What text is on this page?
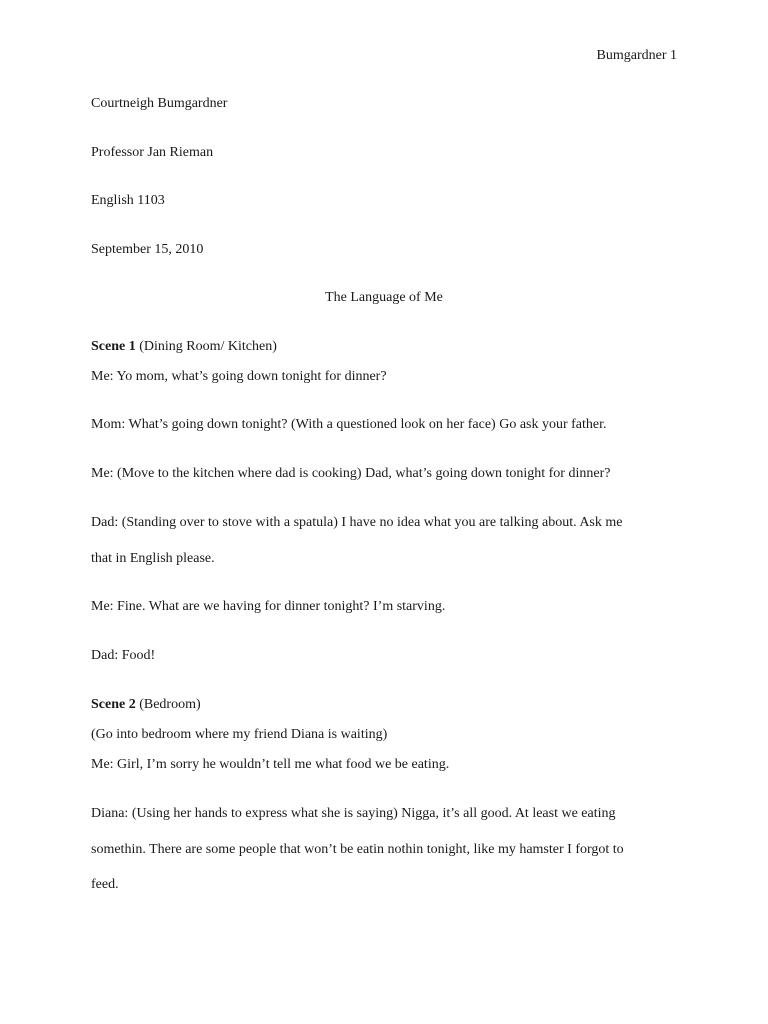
Bumgardner 1
Courtneigh Bumgardner
Professor Jan Rieman
English 1103
September 15, 2010
The Language of Me
Scene 1 (Dining Room/ Kitchen)
Me: Yo mom, what’s going down tonight for dinner?
Mom: What’s going down tonight? (With a questioned look on her face) Go ask your father.
Me: (Move to the kitchen where dad is cooking) Dad, what’s going down tonight for dinner?
Dad: (Standing over to stove with a spatula) I have no idea what you are talking about. Ask me
that in English please.
Me: Fine. What are we having for dinner tonight? I’m starving.
Dad: Food!
Scene 2 (Bedroom)
(Go into bedroom where my friend Diana is waiting)
Me: Girl, I’m sorry he wouldn’t tell me what food we be eating.
Diana: (Using her hands to express what she is saying) Nigga, it’s all good. At least we eating
somethin. There are some people that won’t be eatin nothin tonight, like my hamster I forgot to
feed.
